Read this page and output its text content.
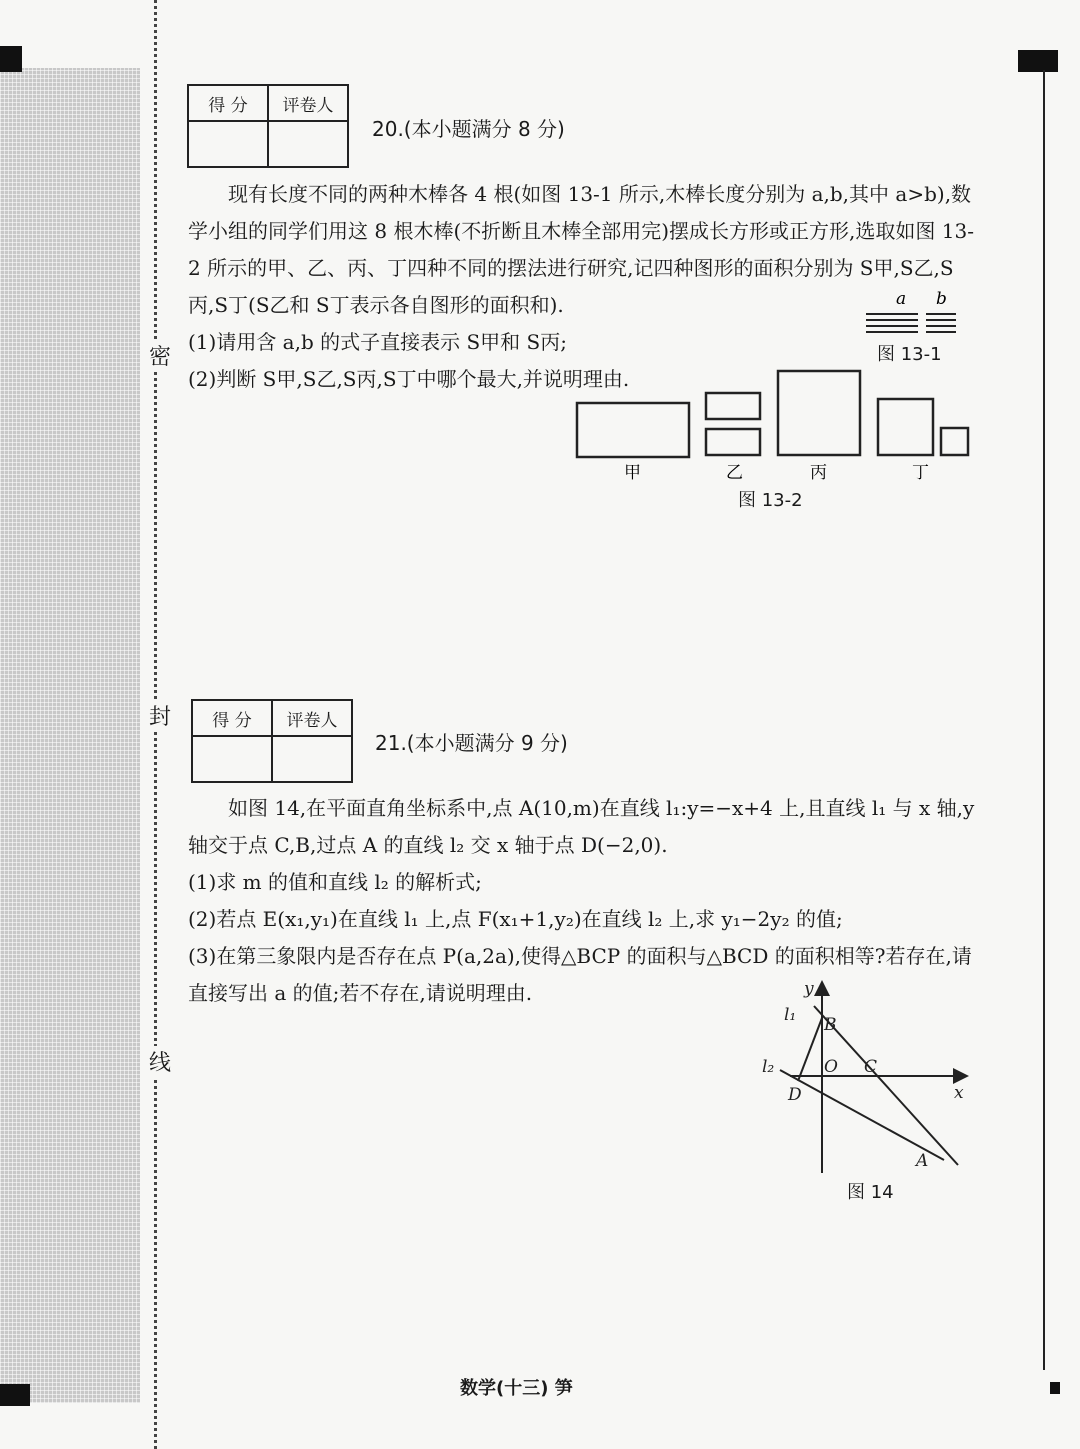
密
封
线
得 分	评卷人

20.(本小题满分 8 分)

现有长度不同的两种木棒各 4 根(如图 13-1 所示,木棒长度分别为 a,b,其中 a>b),数学小组的同学们用这 8 根木棒(不折断且木棒全部用完)摆成长方形或正方形,选取如图 13-2 所示的甲、乙、丙、丁四种不同的摆法进行研究,记四种图形的面积分别为 S甲,S乙,S丙,S丁(S乙和 S丁表示各自图形的面积和).

(1)请用含 a,b 的式子直接表示 S甲和 S丙;

(2)判断 S甲,S乙,S丙,S丁中哪个最大,并说明理由.

a b
图 13-1
甲	乙	丙	丁
图 13-2
得 分	评卷人

21.(本小题满分 9 分)

如图 14,在平面直角坐标系中,点 A(10,m)在直线 l₁:y=−x+4 上,且直线 l₁ 与 x 轴,y 轴交于点 C,B,过点 A 的直线 l₂ 交 x 轴于点 D(−2,0).

(1)求 m 的值和直线 l₂ 的解析式;

(2)若点 E(x₁,y₁)在直线 l₁ 上,点 F(x₁+1,y₂)在直线 l₂ 上,求 y₁−2y₂ 的值;

(3)在第三象限内是否存在点 P(a,2a),使得△BCP 的面积与△BCD 的面积相等?若存在,请直接写出 a 的值;若不存在,请说明理由.	y
l₁ B
l₂	O C
D	x
A
图 14
数学(十三) 笋
